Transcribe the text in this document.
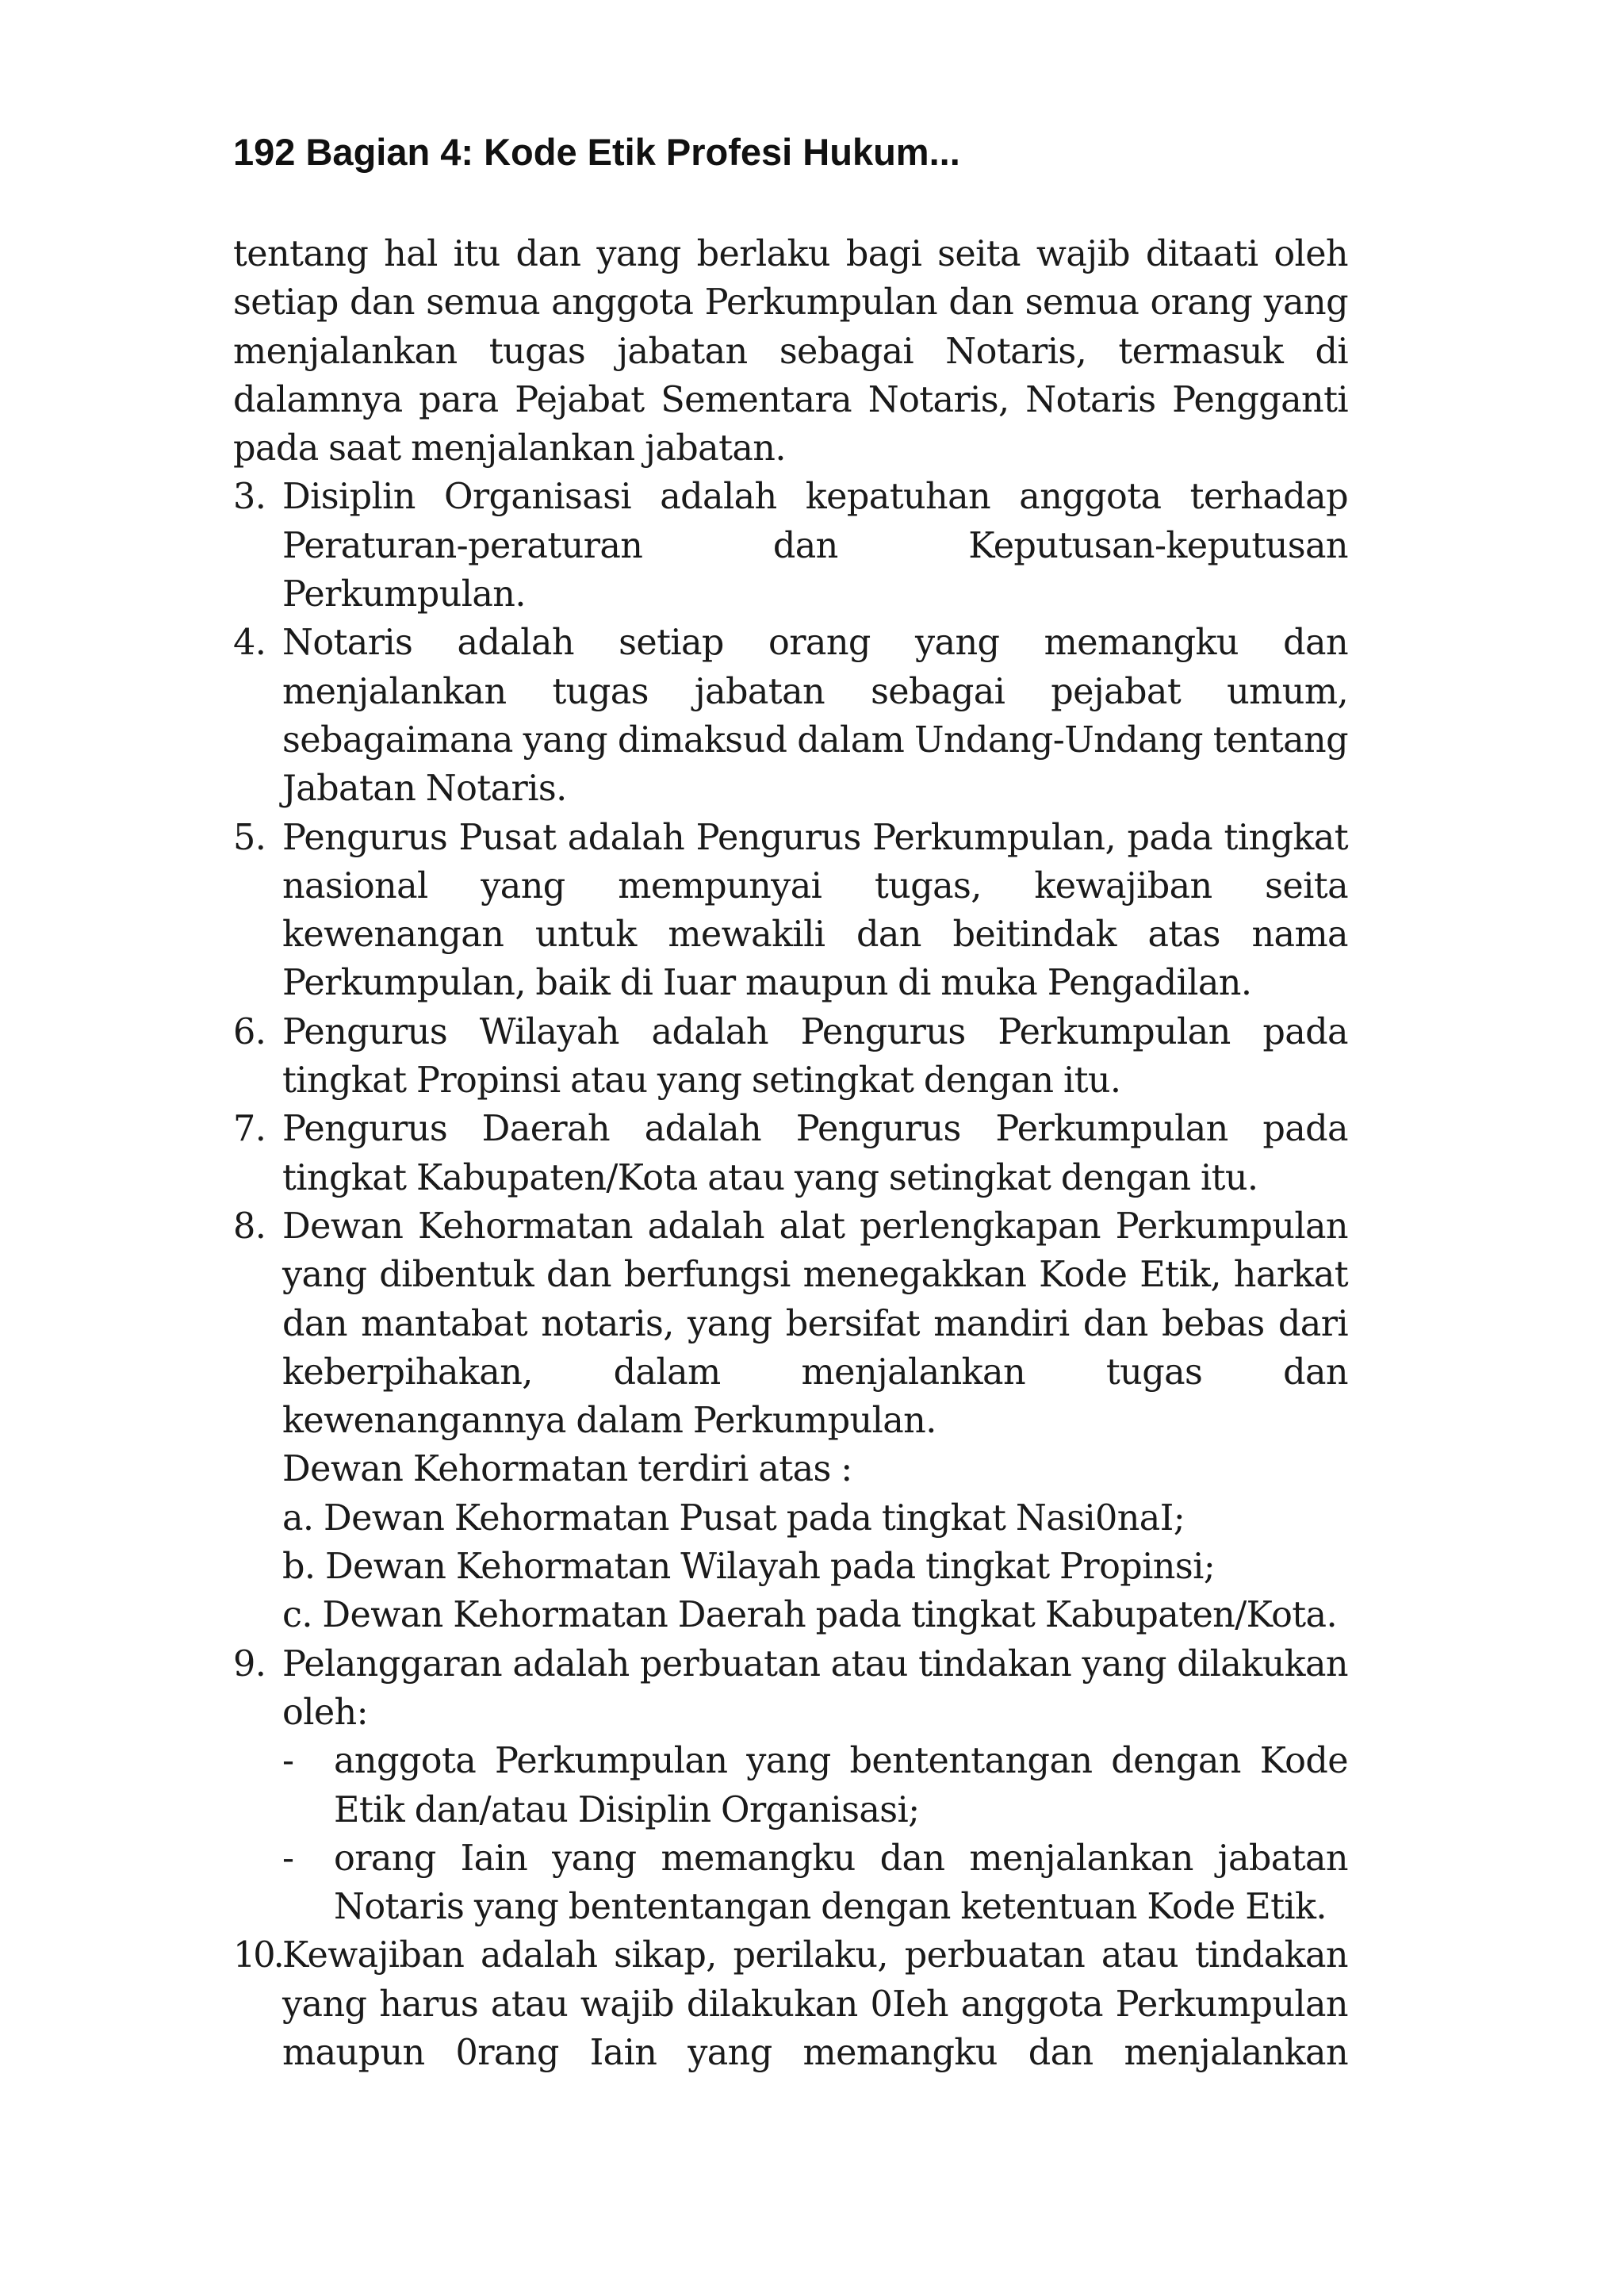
192 Bagian 4: Kode Etik Profesi Hukum...

tentang hal itu dan yang berlaku bagi seita wajib ditaati oleh setiap dan semua anggota Perkumpulan dan semua orang yang menjalankan tugas jabatan sebagai Notaris, termasuk di dalamnya para Pejabat Sementara Notaris, Notaris Pengganti pada saat menjalankan jabatan.

3. Disiplin Organisasi adalah kepatuhan anggota terhadap Peraturan-peraturan dan Keputusan-keputusan Perkumpulan.

4. Notaris adalah setiap orang yang memangku dan menjalankan tugas jabatan sebagai pejabat umum, sebagaimana yang dimaksud dalam Undang-Undang tentang Jabatan Notaris.

5. Pengurus Pusat adalah Pengurus Perkumpulan, pada tingkat nasional yang mempunyai tugas, kewajiban seita kewenangan untuk mewakili dan beitindak atas nama Perkumpulan, baik di Iuar maupun di muka Pengadilan.

6. Pengurus Wilayah adalah Pengurus Perkumpulan pada tingkat Propinsi atau yang setingkat dengan itu.

7. Pengurus Daerah adalah Pengurus Perkumpulan pada tingkat Kabupaten/Kota atau yang setingkat dengan itu.

8. Dewan Kehormatan adalah alat perlengkapan Perkumpulan yang dibentuk dan berfungsi menegakkan Kode Etik, harkat dan mantabat notaris, yang bersifat mandiri dan bebas dari keberpihakan, dalam menjalankan tugas dan kewenangannya dalam Perkumpulan.

Dewan Kehormatan terdiri atas :

a. Dewan Kehormatan Pusat pada tingkat Nasi0naI;

b. Dewan Kehormatan Wilayah pada tingkat Propinsi;

c. Dewan Kehormatan Daerah pada tingkat Kabupaten/Kota.

9. Pelanggaran adalah perbuatan atau tindakan yang dilakukan oleh:

-	anggota Perkumpulan yang bententangan dengan Kode Etik dan/atau Disiplin Organisasi;

-	orang Iain yang memangku dan menjalankan jabatan Notaris yang bententangan dengan ketentuan Kode Etik.

10. Kewajiban adalah sikap, perilaku, perbuatan atau tindakan yang harus atau wajib dilakukan 0Ieh anggota Perkumpulan maupun 0rang Iain yang memangku dan menjalankan
